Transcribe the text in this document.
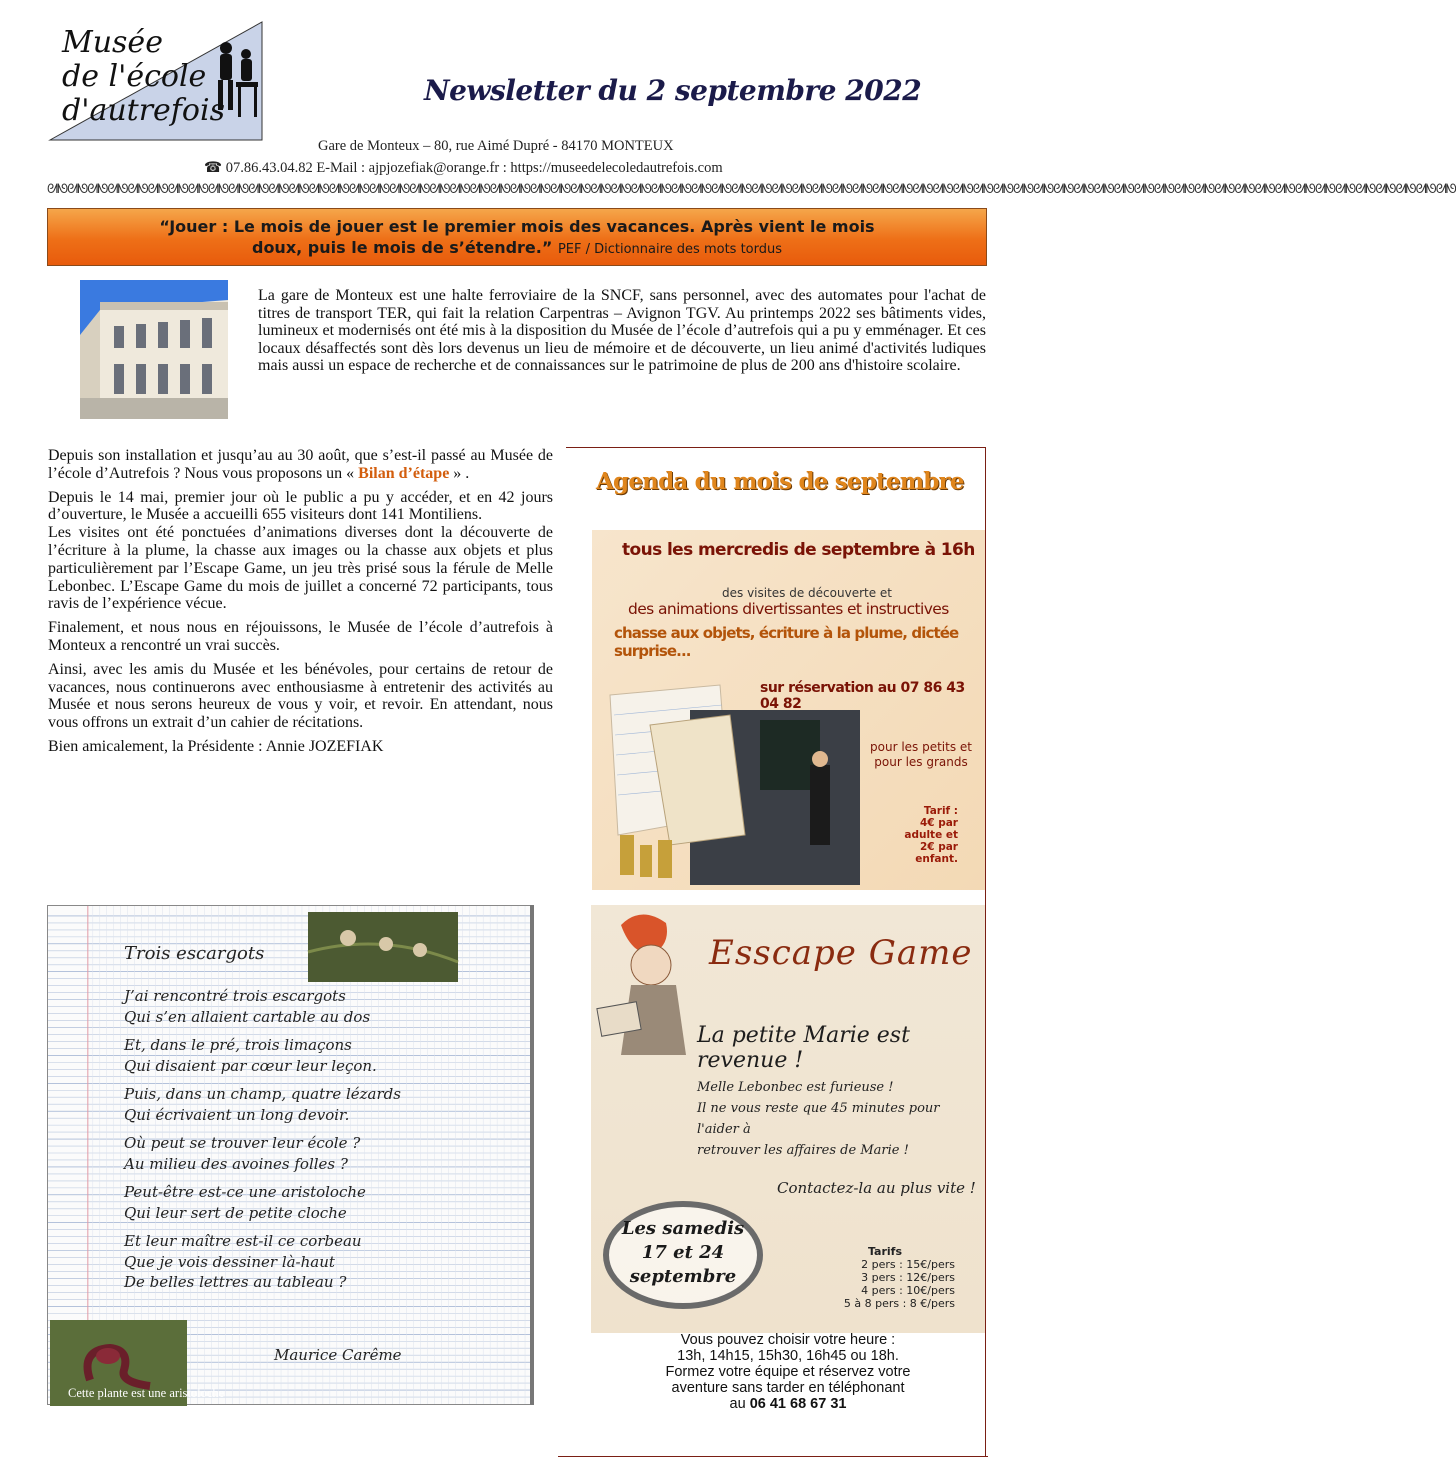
Musée
de l'école
d'autrefois
Newsletter du 2 septembre 2022
Gare de Monteux – 80, rue Aimé Dupré - 84170 MONTEUX
☎ 07.86.43.04.82 E-Mail : ajpjozefiak@orange.fr : https://museedelecoledautrefois.com
ᘛᘚᘛᘚᘛᘚᘛᘚᘛᘚᘛᘚᘛᘚᘛᘚᘛᘚᘛᘚᘛᘚᘛᘚᘛᘚᘛᘚᘛᘚᘛᘚᘛᘚᘛᘚᘛᘚᘛᘚᘛᘚᘛᘚᘛᘚᘛᘚᘛᘚᘛᘚᘛᘚᘛᘚᘛᘚᘛᘚᘛᘚᘛᘚᘛᘚᘛᘚᘛᘚᘛᘚᘛᘚᘛᘚᘛᘚᘛᘚᘛᘚᘛᘚᘛᘚᘛᘚᘛᘚᘛᘚᘛᘚᘛᘚᘛᘚᘛᘚᘛᘚᘛᘚᘛᘚᘛᘚᘛᘚᘛᘚᘛᘚᘛᘚᘛᘚᘛᘚᘛᘚᘛᘚᘛᘚᘛᘚᘛᘚᘛᘚᘛᘚᘛᘚᘛᘚᘛᘚ
“Jouer : Le mois de jouer est le premier mois des vacances. Après vient le mois
doux, puis le mois de s’étendre.” PEF / Dictionnaire des mots tordus
La gare de Monteux est une halte ferroviaire de la SNCF, sans personnel, avec des automates pour l'achat de titres de transport TER, qui fait la relation Carpentras – Avignon TGV. Au printemps 2022 ses bâtiments vides, lumineux et modernisés ont été mis à la disposition du Musée de l’école d’autrefois qui a pu y emménager. Et ces locaux désaffectés sont dès lors devenus un lieu de mémoire et de découverte, un lieu animé d'activités ludiques mais aussi un espace de recherche et de connaissances sur le patrimoine de plus de 200 ans d'histoire scolaire.

Depuis son installation et jusqu’au au 30 août, que s’est-il passé au Musée de l’école d’Autrefois ? Nous vous proposons un « Bilan d’étape » .

Depuis le 14 mai, premier jour où le public a pu y accéder, et en 42 jours d’ouverture, le Musée a accueilli 655 visiteurs dont 141 Montiliens.

Les visites ont été ponctuées d’animations diverses dont la découverte de l’écriture à la plume, la chasse aux images ou la chasse aux objets et plus particulièrement par l’Escape Game, un jeu très prisé sous la férule de Melle Lebonbec. L’Escape Game du mois de juillet a concerné 72 participants, tous ravis de l’expérience vécue.

Finalement, et nous nous en réjouissons, le Musée de l’école d’autrefois à Monteux a rencontré un vrai succès.

Ainsi, avec les amis du Musée et les bénévoles, pour certains de retour de vacances, nous continuerons avec enthousiasme à entretenir des activités au Musée et nous serons heureux de vous y voir, et revoir. En attendant, nous vous offrons un extrait d’un cahier de récitations.

Bien amicalement, la Présidente : Annie JOZEFIAK

Agenda du mois de septembre
tous les mercredis de septembre à 16h
des visites de découverte et
des animations divertissantes et instructives
chasse aux objets, écriture à la plume, dictée surprise...
sur réservation au 07 86 43 04 82
pour les petits et
pour les grands
Tarif :
4€ par adulte et
2€ par enfant.
Esscape Game
La petite Marie est revenue !
Melle Lebonbec est furieuse !
Il ne vous reste que 45 minutes pour l'aider à
retrouver les affaires de Marie !
Contactez-la au plus vite !
Les samedis
17 et 24
septembre
Tarifs
2 pers : 15€/pers
3 pers : 12€/pers
4 pers : 10€/pers
5 à 8 pers : 8 €/pers
Vous pouvez choisir votre heure :
13h, 14h15, 15h30, 16h45 ou 18h.
Formez votre équipe et réservez votre
aventure sans tarder en téléphonant
au 06 41 68 67 31
Trois escargots
J’ai rencontré trois escargots
Qui s’en allaient cartable au dos
Et, dans le pré, trois limaçons
Qui disaient par cœur leur leçon.
Puis, dans un champ, quatre lézards
Qui écrivaient un long devoir.
Où peut se trouver leur école ?
Au milieu des avoines folles ?
Peut-être est-ce une aristoloche
Qui leur sert de petite cloche
Et leur maître est-il ce corbeau
Que je vois dessiner là-haut
De belles lettres au tableau ?
Cette plante est une aristoloche
Maurice Carême
